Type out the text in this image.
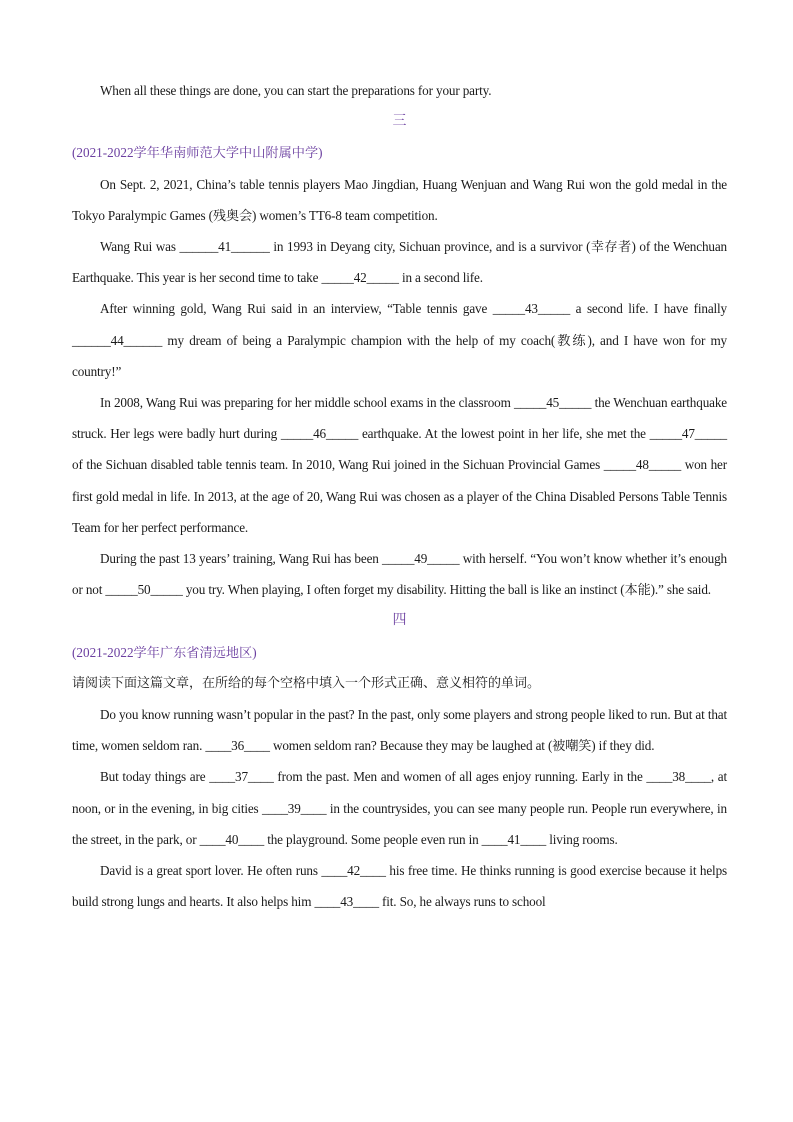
When all these things are done, you can start the preparations for your party.

三

(2021-2022学年华南师范大学中山附属中学)

On Sept. 2, 2021, China’s table tennis players Mao Jingdian, Huang Wenjuan and Wang Rui won the gold medal in the Tokyo Paralympic Games (残奥会) women’s TT6-8 team competition.

Wang Rui was ______41______ in 1993 in Deyang city, Sichuan province, and is a survivor (幸存者) of the Wenchuan Earthquake. This year is her second time to take _____42_____ in a second life.

After winning gold, Wang Rui said in an interview, “Table tennis gave _____43_____ a second life. I have finally ______44______ my dream of being a Paralympic champion with the help of my coach(教练), and I have won for my country!”

In 2008, Wang Rui was preparing for her middle school exams in the classroom _____45_____ the Wenchuan earthquake struck. Her legs were badly hurt during _____46_____ earthquake. At the lowest point in her life, she met the _____47_____ of the Sichuan disabled table tennis team. In 2010, Wang Rui joined in the Sichuan Provincial Games _____48_____ won her first gold medal in life. In 2013, at the age of 20, Wang Rui was chosen as a player of the China Disabled Persons Table Tennis Team for her perfect performance.

During the past 13 years’ training, Wang Rui has been _____49_____ with herself. “You won’t know whether it’s enough or not _____50_____ you try. When playing, I often forget my disability. Hitting the ball is like an instinct (本能).” she said.

四

(2021-2022学年广东省清远地区)

请阅读下面这篇文章，在所给的每个空格中填入一个形式正确、意义相符的单词。

Do you know running wasn’t popular in the past? In the past, only some players and strong people liked to run. But at that time, women seldom ran. ____36____ women seldom ran? Because they may be laughed at (被嘲笑) if they did.

But today things are ____37____ from the past. Men and women of all ages enjoy running. Early in the ____38____, at noon, or in the evening, in big cities ____39____ in the countrysides, you can see many people run. People run everywhere, in the street, in the park, or ____40____ the playground. Some people even run in ____41____ living rooms.

David is a great sport lover. He often runs ____42____ his free time. He thinks running is good exercise because it helps build strong lungs and hearts. It also helps him ____43____ fit. So, he always runs to school
